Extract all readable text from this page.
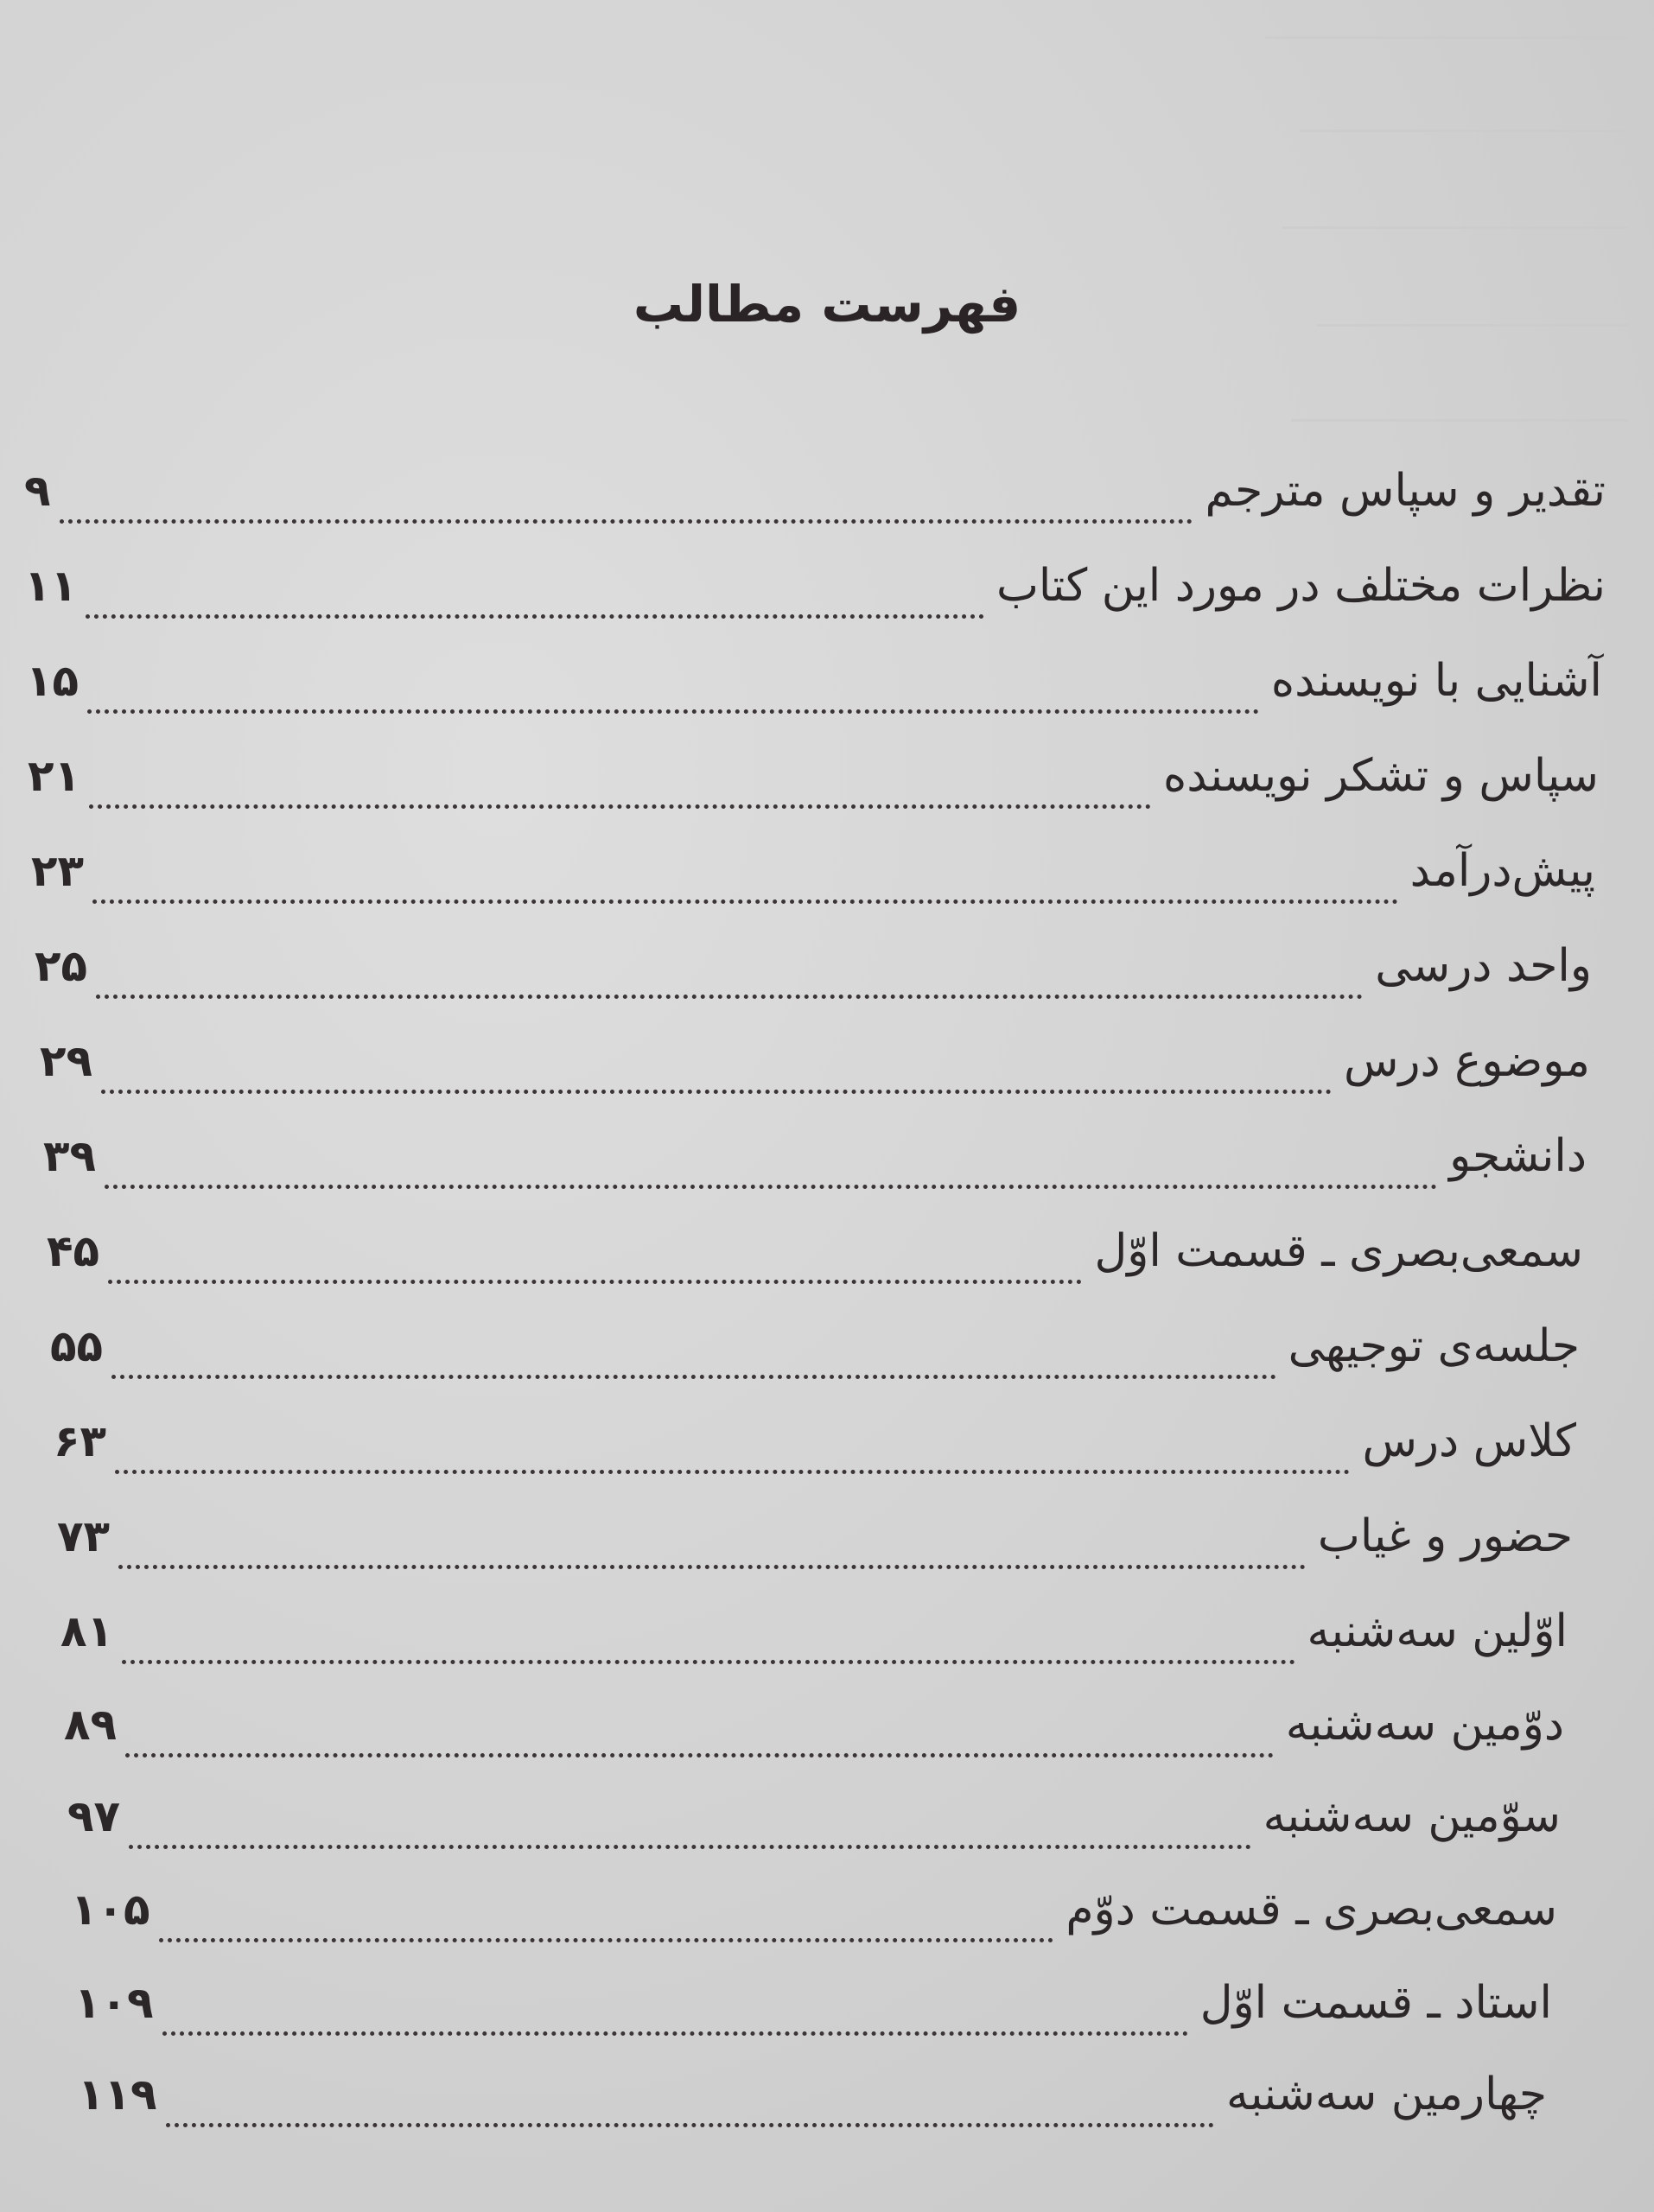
فهرست مطالب
تقدیر و سپاس مترجم
۹
نظرات مختلف در مورد این کتاب
۱۱
آشنایی با نویسنده
۱۵
سپاس و تشکر نویسنده
۲۱
پیش‌درآمد
۲۳
واحد درسی
۲۵
موضوع درس
۲۹
دانشجو
۳۹
سمعی‌بصری ـ قسمت اوّل
۴۵
جلسه‌ی توجیهی
۵۵
کلاس درس
۶۳
حضور و غیاب
۷۳
اوّلین سه‌شنبه
۸۱
دوّمین سه‌شنبه
۸۹
سوّمین سه‌شنبه
۹۷
سمعی‌بصری ـ قسمت دوّم
۱۰۵
استاد ـ قسمت اوّل
۱۰۹
چهارمین سه‌شنبه
۱۱۹
